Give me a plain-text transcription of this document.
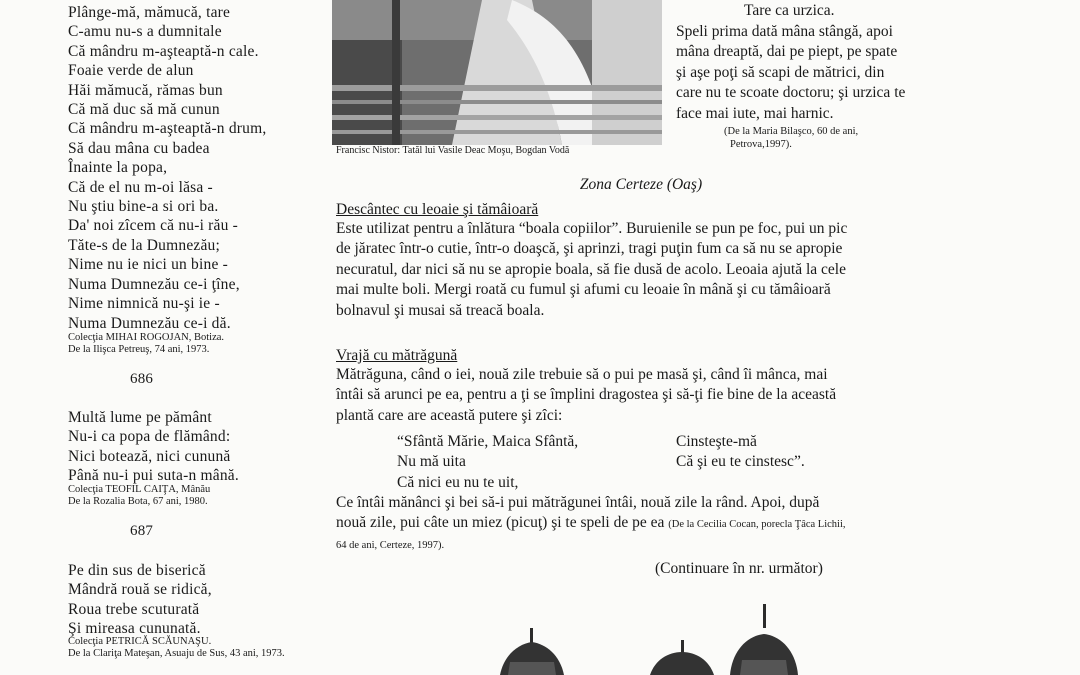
Plânge-mă, mămucă, tare
C-amu nu-s a dumnitale
Că mândru m-aşteaptă-n cale.
Foaie verde de alun
Hăi mămucă, rămas bun
Că mă duc să mă cunun
Că mândru m-aşteaptă-n drum,
Să dau mâna cu badea
Înainte la popa,
Că de el nu m-oi lăsa -
Nu ştiu bine-a si ori ba.
Da' noi zîcem că nu-i rău -
Tăte-s de la Dumnezău;
Nime nu ie nici un bine -
Numa Dumnezău ce-i ţîne,
Nime nimnică nu-şi ie -
Numa Dumnezău ce-i dă.
Colecţia MIHAI ROGOJAN, Botiza.
De la Ilişca Petreuş, 74 ani, 1973.
686
Multă lume pe pământ
Nu-i ca popa de flămând:
Nici botează, nici cunună
Până nu-i pui suta-n mână.
Colecţia TEOFIL CAIŢA, Mânău
De la Rozalia Bota, 67 ani, 1980.
687
Pe din sus de biserică
Mândră rouă se ridică,
Roua trebe scuturată
Şi mireasa cununată.
Colecţia PETRICĂ SCĂUNAŞU.
De la Clariţa Mateşan, Asuaju de Sus, 43 ani, 1973.
Francisc Nistor: Tatăl lui Vasile Deac Moşu, Bogdan Vodă
Tare ca urzica.
Speli prima dată mâna stângă, apoi
mâna dreaptă, dai pe piept, pe spate
şi aşe poţi să scapi de mătrici, din
care nu te scoate doctoru; şi urzica te
face mai iute, mai harnic.
(De la Maria Bilaşco, 60 de ani,
Petrova,1997).
Zona Certeze (Oaş)
Descântec cu leoaie şi tămâioară
Este utilizat pentru a înlătura “boala copiilor”. Buruienile se pun pe foc, pui un pic
de jăratec într-o cutie, într-o doaşcă, şi aprinzi, tragi puţin fum ca să nu se apropie
necuratul, dar nici să nu se apropie boala, să fie dusă de acolo. Leoaia ajută la cele
mai multe boli. Mergi roată cu fumul şi afumi cu leoaie în mână şi cu tămâioară
bolnavul şi musai să treacă boala.
Vrajă cu mătrăgună
Mătrăguna, când o iei, nouă zile trebuie să o pui pe masă şi, când îi mânca, mai
întâi să arunci pe ea, pentru a ţi se împlini dragostea şi să-ţi fie bine de la această
plantă care are această putere şi zîci:
“Sfântă Mărie, Maica Sfântă,
Nu mă uita
Că nici eu nu te uit,
Cinsteşte-mă
Că şi eu te cinstesc”.
Ce întâi mănânci şi bei să-i pui mătrăgunei întâi, nouă zile la rând. Apoi, după
nouă zile, pui câte un miez (picuţ) şi te speli de pe ea (De la Cecilia Cocan, porecla Ţâca Lichii,
64 de ani, Certeze, 1997).
(Continuare în nr. următor)
